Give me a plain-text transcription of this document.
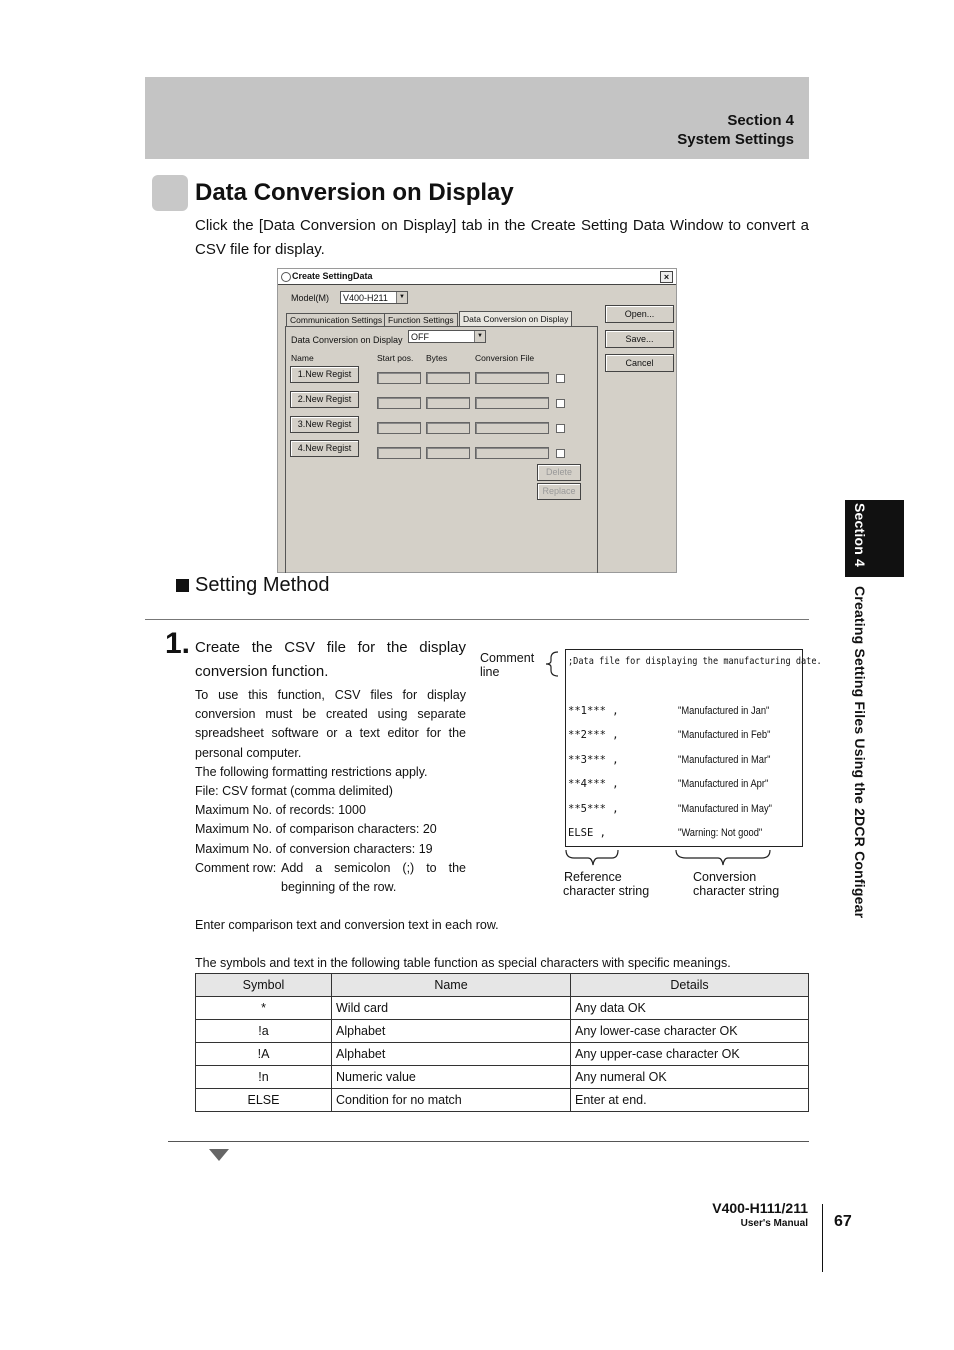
Section 4
System Settings
Section 4
Creating Setting Files Using the 2DCR Configear
Data Conversion on Display
Click the [Data Conversion on Display] tab in the Create Setting Data Window to convert a CSV file for display.
Create SettingData	×
Model(M) V400-H211	▼
Communication Settings Function Settings	Data Conversion on Display
Data Conversion on Display OFF	▼
Name	Start pos. Bytes	Conversion File
1.New Regist
2.New Regist
3.New Regist
4.New Regist
Delete
Replace
Open...
Save...
Cancel
Setting Method
1. Create the CSV file for the display conversion function.
To use this function, CSV files for display conversion must be created using separate spreadsheet software or a text editor for the personal computer.
The following formatting restrictions apply.
File: CSV format (comma delimited)
Maximum No. of records: 1000
Maximum No. of comparison characters: 20
Maximum No. of conversion characters: 19
Comment row: Add a semicolon (;) to the
beginning of the row.
Comment
line
;Data file for displaying the manufacturing date.
**1*** ,	"Manufactured in Jan"
**2*** ,	"Manufactured in Feb"
**3*** ,	"Manufactured in Mar"
**4*** ,	"Manufactured in Apr"
**5*** ,	"Manufactured in May"
ELSE ,	"Warning: Not good"
Reference
character string
Conversion
character string
Enter comparison text and conversion text in each row.
The symbols and text in the following table function as special characters with specific meanings.
Symbol	Name	Details
*	Wild card	Any data OK
!a	Alphabet	Any lower-case character OK
!A	Alphabet	Any upper-case character OK
!n	Numeric value	Any numeral OK
ELSE	Condition for no match	Enter at end.
V400-H111/211
User's Manual 67
